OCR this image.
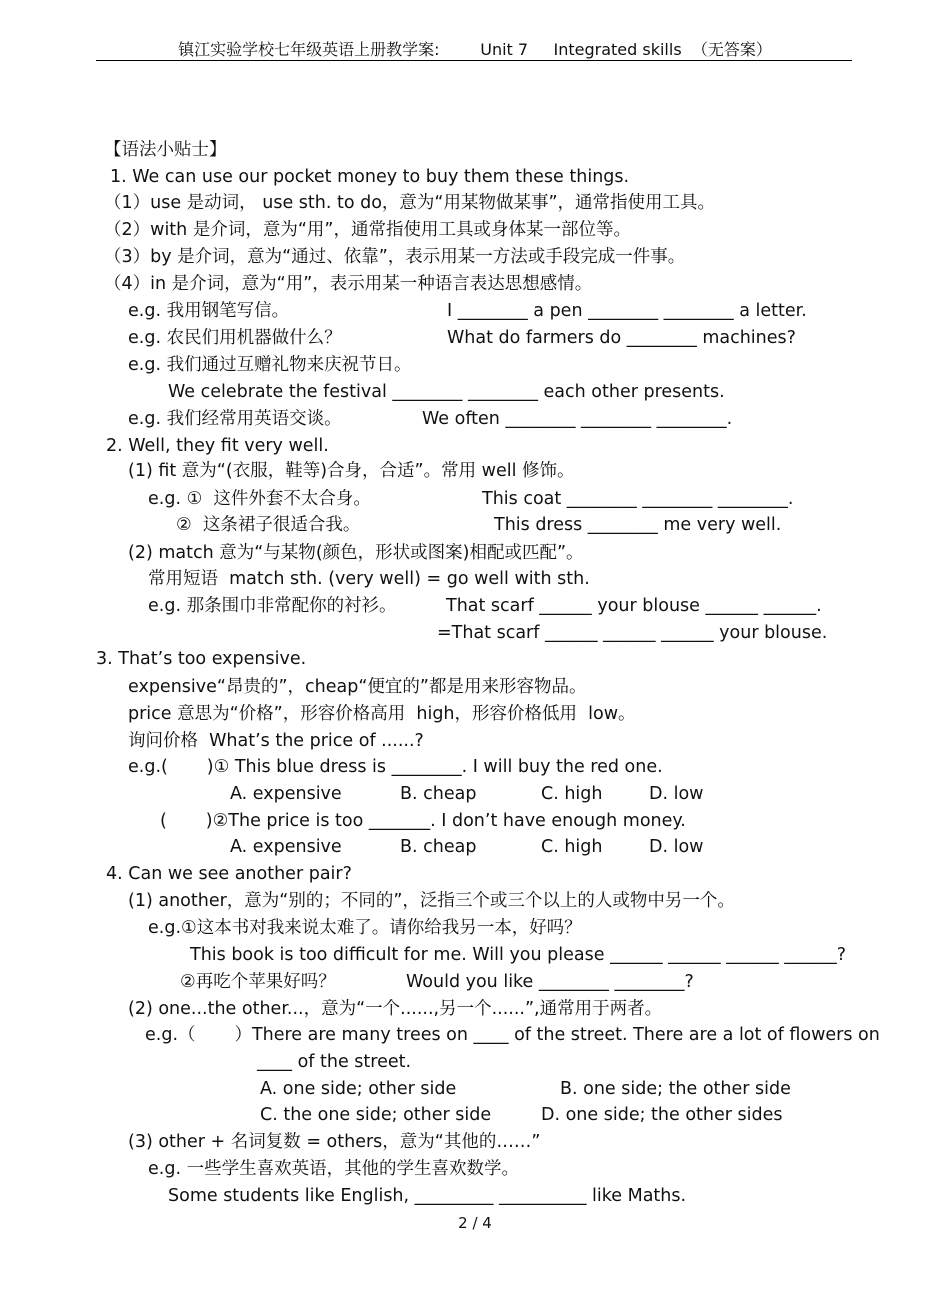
镇江实验学校七年级英语上册教学案:        Unit 7     Integrated skills  （无答案）
【语法小贴士】
1. We can use our pocket money to buy them these things.
（1）use 是动词， use sth. to do，意为“用某物做某事”，通常指使用工具。
（2）with 是介词，意为“用”，通常指使用工具或身体某一部位等。
（3）by 是介词，意为“通过、依靠”，表示用某一方法或手段完成一件事。
（4）in 是介词，意为“用”，表示用某一种语言表达思想感情。
e.g. 我用钢笔写信。	I ________ a pen ________ ________ a letter.
e.g. 农民们用机器做什么？	What do farmers do ________ machines?
e.g. 我们通过互赠礼物来庆祝节日。
We celebrate the festival ________ ________ each other presents.
e.g. 我们经常用英语交谈。	We often ________ ________ ________.
2. Well, they fit very well.
(1) fit 意为“(衣服，鞋等)合身，合适”。常用 well 修饰。
e.g. ①  这件外套不太合身。	This coat ________ ________ ________.
②  这条裙子很适合我。	This dress ________ me very well.
(2) match 意为“与某物(颜色，形状或图案)相配或匹配”。
常用短语  match sth. (very well) = go well with sth.
e.g. 那条围巾非常配你的衬衫。	That scarf ______ your blouse ______ ______.
=That scarf ______ ______ ______ your blouse.
3. That’s too expensive.
expensive“昂贵的”，cheap“便宜的”都是用来形容物品。
price 意思为“价格”，形容价格高用  high，形容价格低用  low。
询问价格  What’s the price of ......?
e.g.(       )① This blue dress is ________. I will buy the red one.
A. expensive	B. cheap	C. high	D. low
(       )②The price is too _______. I don’t have enough money.
A. expensive	B. cheap	C. high	D. low
4. Can we see another pair?
(1) another，意为“别的；不同的”，泛指三个或三个以上的人或物中另一个。
e.g.①这本书对我来说太难了。请你给我另一本，好吗？
This book is too difficult for me. Will you please ______ ______ ______ ______?
②再吃个苹果好吗？	Would you like ________ ________?
(2) one...the other...，意为“一个......,另一个......”,通常用于两者。
e.g.（       ）There are many trees on ____ of the street. There are a lot of flowers on
____ of the street.
A. one side; other side	B. one side; the other side
C. the one side; other side	D. one side; the other sides
(3) other + 名词复数 = others，意为“其他的……”
e.g. 一些学生喜欢英语，其他的学生喜欢数学。
Some students like English, _________ __________ like Maths.
2 / 4
